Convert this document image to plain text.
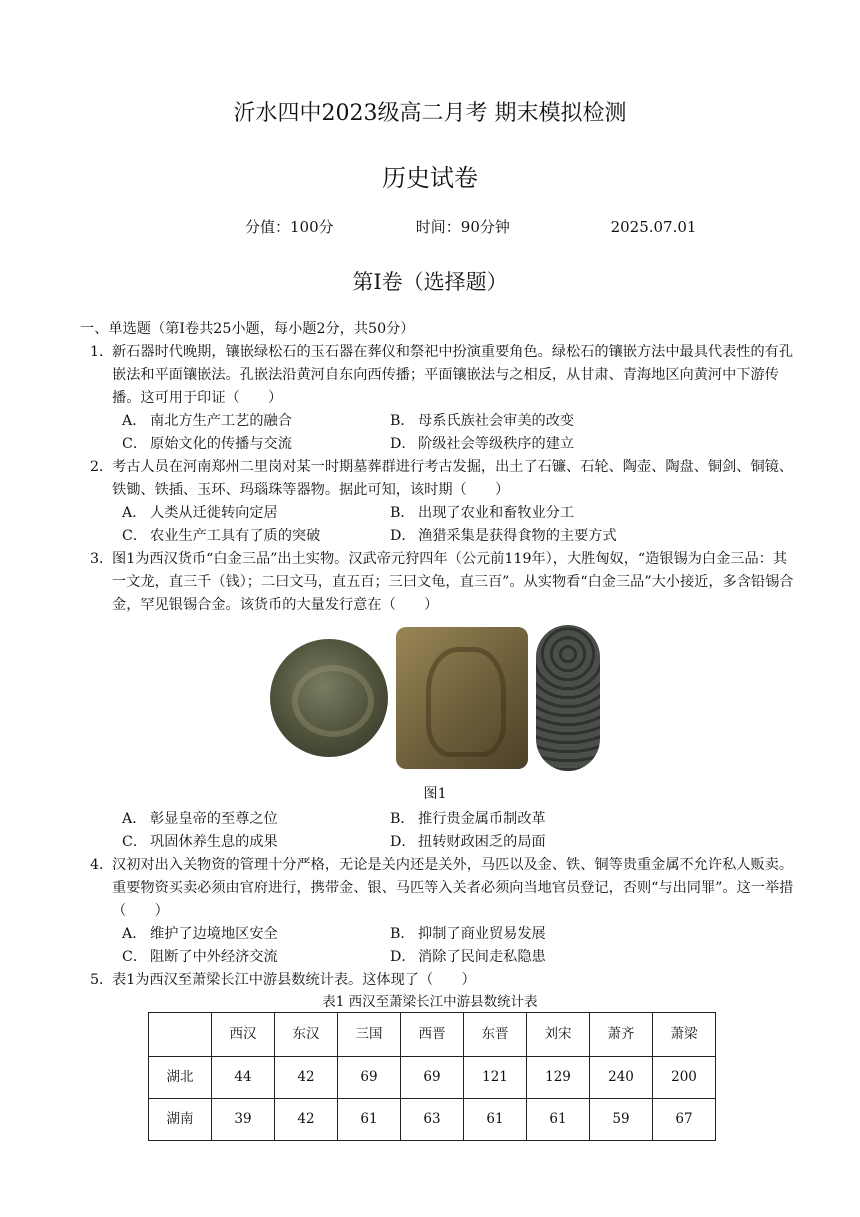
沂水四中2023级高二月考 期末模拟检测
历史试卷
分值：100分	时间：90分钟	2025.07.01
第Ⅰ卷（选择题）
一、单选题（第Ⅰ卷共25小题，每小题2分，共50分）
1．
新石器时代晚期，镶嵌绿松石的玉石器在葬仪和祭祀中扮演重要角色。绿松石的镶嵌方法中最具代表性的有孔嵌法和平面镶嵌法。孔嵌法沿黄河自东向西传播；平面镶嵌法与之相反，从甘肃、青海地区向黄河中下游传播。这可用于印证（　　）
A． 南北方生产工艺的融合	B． 母系氏族社会审美的改变
C． 原始文化的传播与交流	D． 阶级社会等级秩序的建立
2．
考古人员在河南郑州二里岗对某一时期墓葬群进行考古发掘，出土了石镰、石轮、陶壶、陶盘、铜剑、铜镜、铁锄、铁插、玉环、玛瑙珠等器物。据此可知，该时期（　　）
A． 人类从迁徙转向定居	B． 出现了农业和畜牧业分工
C． 农业生产工具有了质的突破	D． 渔猎采集是获得食物的主要方式
3．
图1为西汉货币“白金三品”出土实物。汉武帝元狩四年（公元前119年），大胜匈奴，“造银锡为白金三品：其一文龙，直三千（钱）；二曰文马，直五百；三曰文龟，直三百”。从实物看“白金三品”大小接近，多含铅锡合金，罕见银锡合金。该货币的大量发行意在（　　）
图1
A． 彰显皇帝的至尊之位	B． 推行贵金属币制改革
C． 巩固休养生息的成果	D． 扭转财政困乏的局面
4．
汉初对出入关物资的管理十分严格，无论是关内还是关外，马匹以及金、铁、铜等贵重金属不允许私人贩卖。重要物资买卖必须由官府进行，携带金、银、马匹等入关者必须向当地官员登记，否则“与出同罪”。这一举措（　　）
A． 维护了边境地区安全	B． 抑制了商业贸易发展
C． 阻断了中外经济交流	D． 消除了民间走私隐患
5．
表1为西汉至萧梁长江中游县数统计表。这体现了（　　）
表1 西汉至萧梁长江中游县数统计表
	西汉	东汉	三国	西晋	东晋	刘宋	萧齐	萧梁
湖北	44	42	69	69	121	129	240	200
湖南	39	42	61	63	61	61	59	67
